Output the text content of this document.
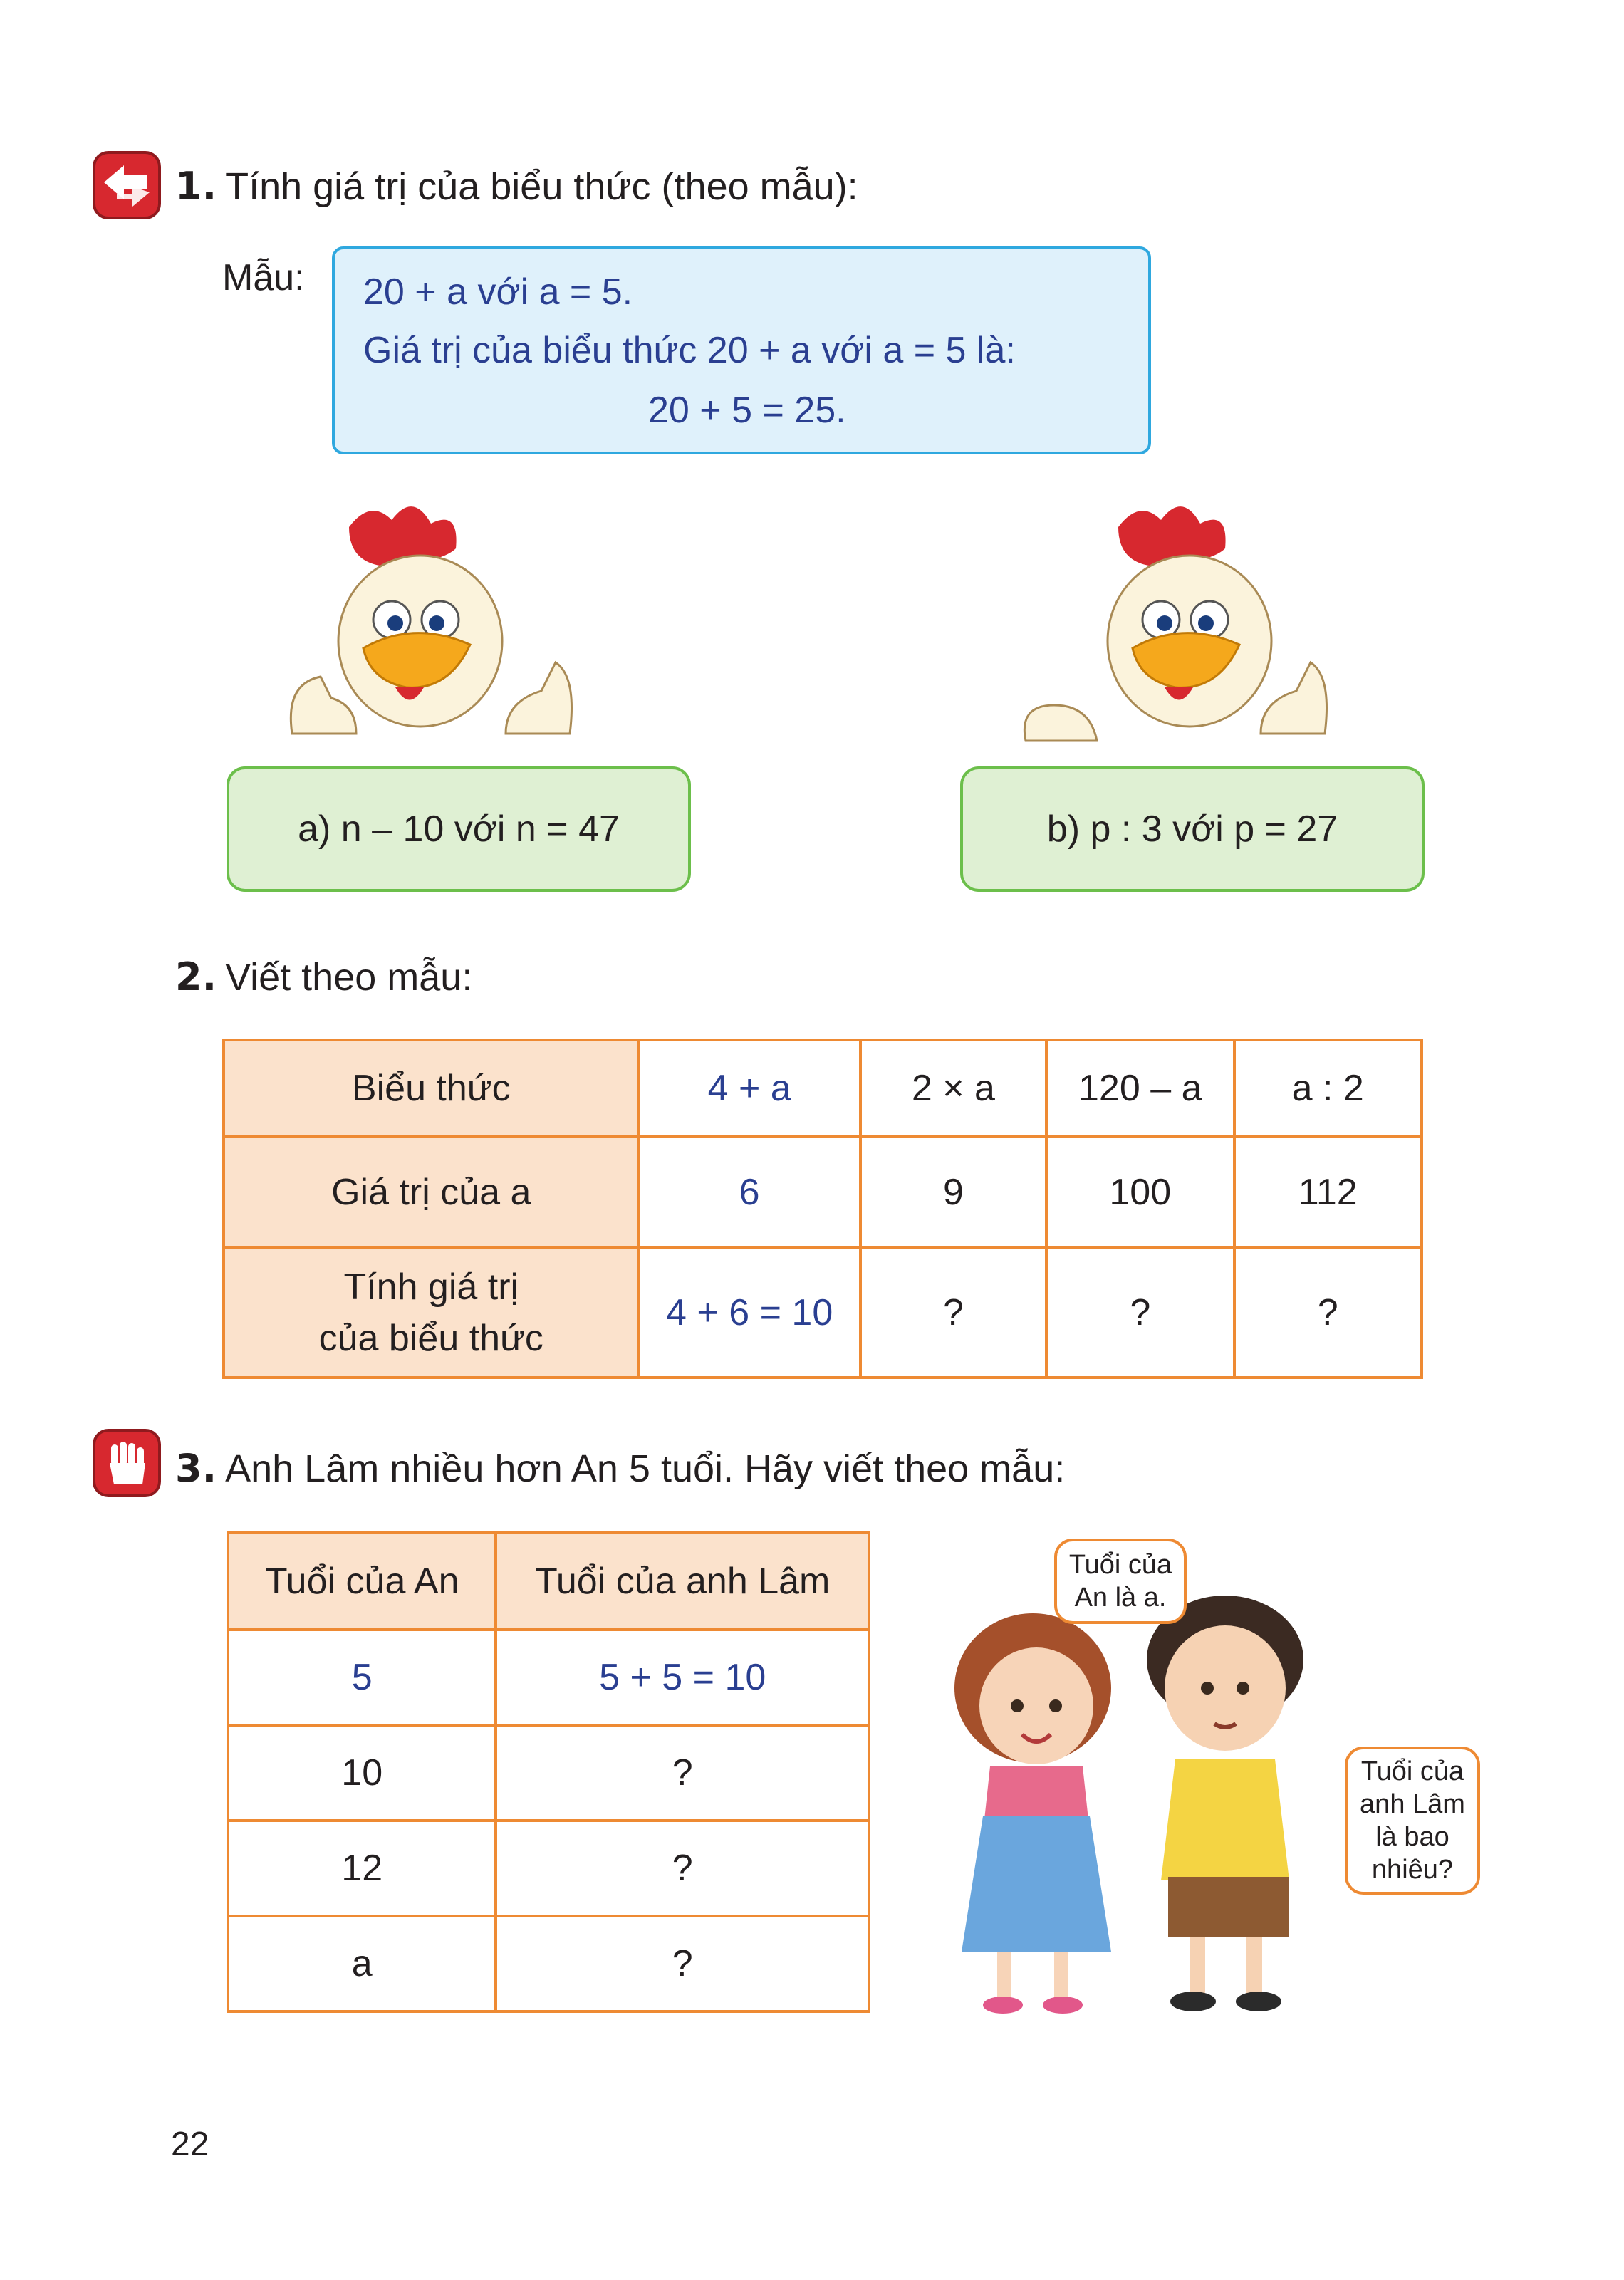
1. Tính giá trị của biểu thức (theo mẫu):
Mẫu: 20 + a với a = 5.
Giá trị của biểu thức 20 + a với a = 5 là:
20 + 5 = 25.
a) n – 10 với n = 47	b) p : 3 với p = 27
2. Viết theo mẫu:
Biểu thức	4 + a	2 × a	120 – a	a : 2
Giá trị của a	6	9	100	112

Tính giá trị
của biểu thức	4 + 6 = 10	?	?	?
3. Anh Lâm nhiều hơn An 5 tuổi. Hãy viết theo mẫu:
Tuổi của An	Tuổi của anh Lâm
5	5 + 5 = 10
10	?
12	?
a	?
Tuổi của
An là a.
Tuổi của
anh Lâm
là bao
nhiêu?
22
